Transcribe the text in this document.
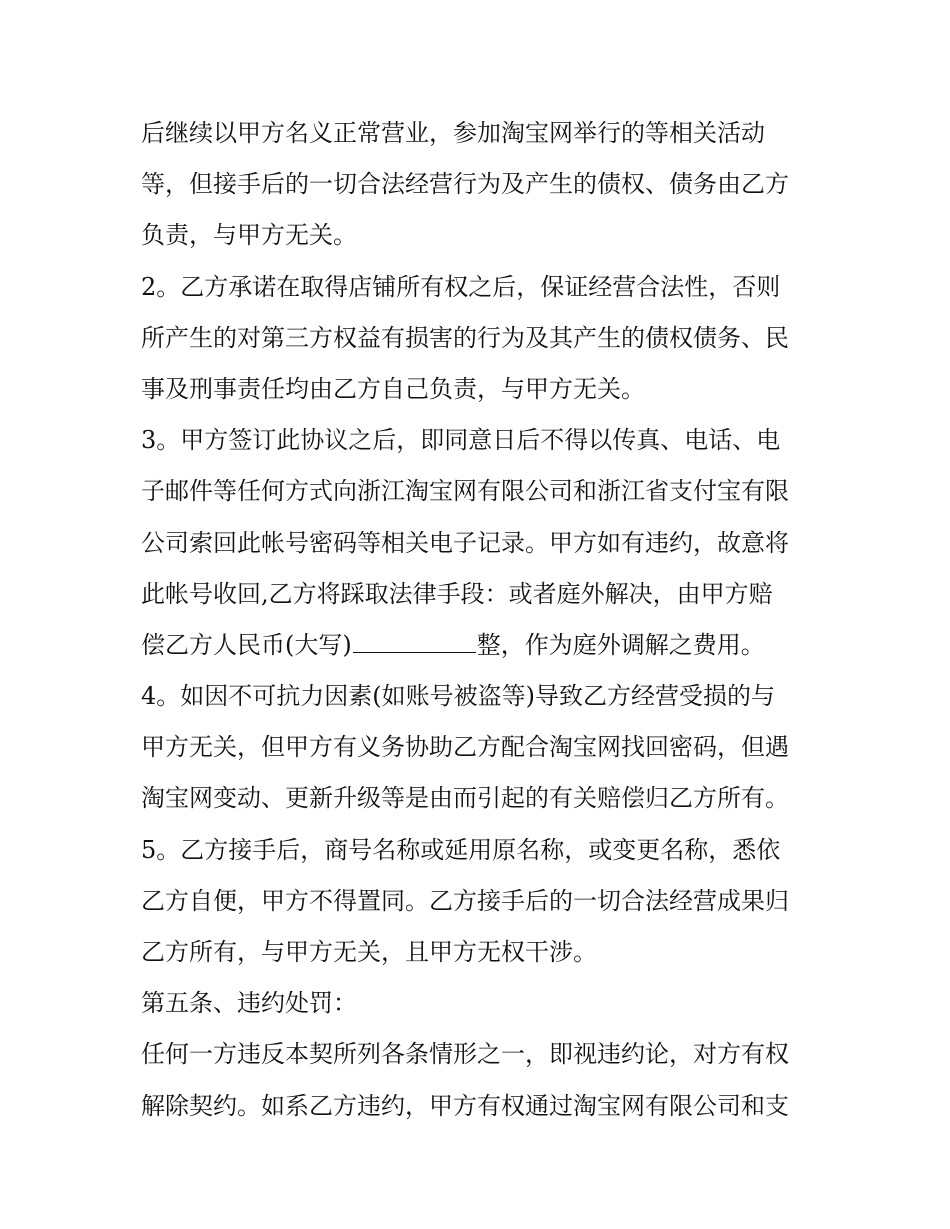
后继续以甲方名义正常营业，参加淘宝网举行的等相关活动
等，但接手后的一切合法经营行为及产生的债权、债务由乙方
负责，与甲方无关。
2。乙方承诺在取得店铺所有权之后，保证经营合法性，否则
所产生的对第三方权益有损害的行为及其产生的债权债务、民
事及刑事责任均由乙方自己负责，与甲方无关。
3。甲方签订此协议之后，即同意日后不得以传真、电话、电
子邮件等任何方式向浙江淘宝网有限公司和浙江省支付宝有限
公司索回此帐号密码等相关电子记录。甲方如有违约，故意将
此帐号收回,乙方将踩取法律手段：或者庭外解决，由甲方赔
偿乙方人民币(大写)	整，作为庭外调解之费用。
4。如因不可抗力因素(如账号被盗等)导致乙方经营受损的与
甲方无关，但甲方有义务协助乙方配合淘宝网找回密码，但遇
淘宝网变动、更新升级等是由而引起的有关赔偿归乙方所有。
5。乙方接手后，商号名称或延用原名称，或变更名称，悉依
乙方自便，甲方不得置同。乙方接手后的一切合法经营成果归
乙方所有，与甲方无关，且甲方无权干涉。
第五条、违约处罚：
任何一方违反本契所列各条情形之一，即视违约论，对方有权
解除契约。如系乙方违约，甲方有权通过淘宝网有限公司和支
